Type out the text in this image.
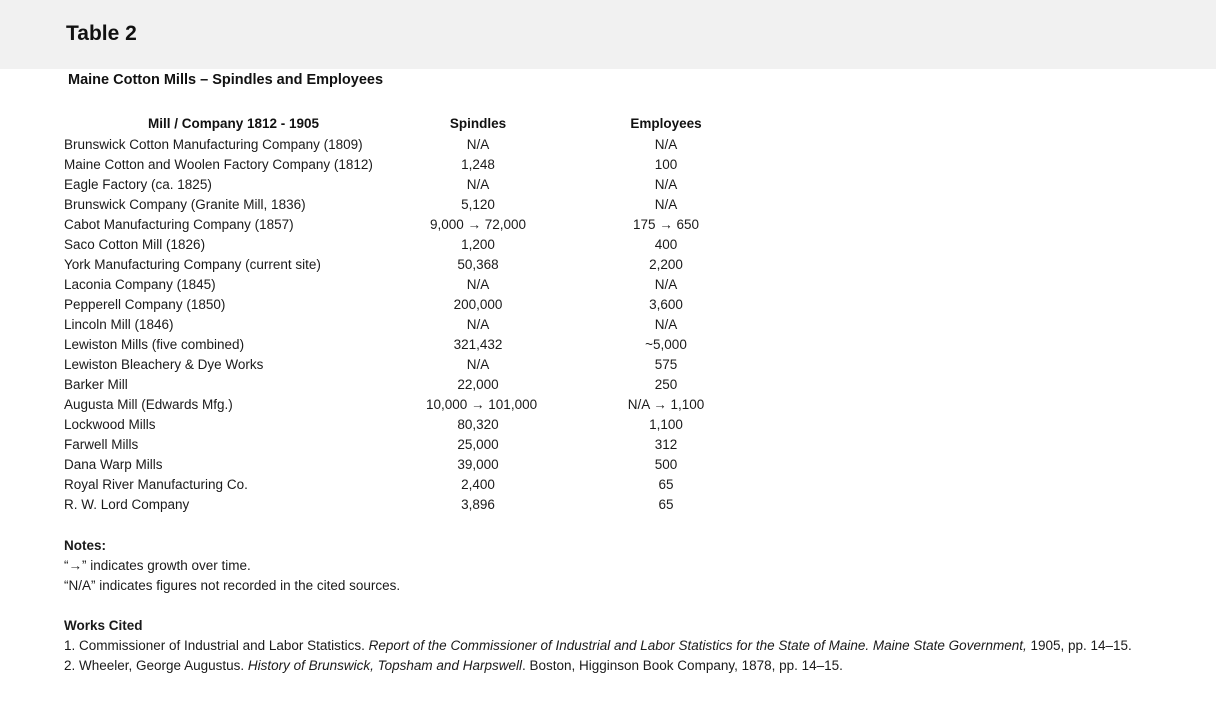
Table 2
Maine Cotton Mills – Spindles and Employees
Mill / Company 1812 - 1905	Spindles	Employees
Brunswick Cotton Manufacturing Company (1809)	N/A	N/A
Maine Cotton and Woolen Factory Company (1812)	1,248	100
Eagle Factory (ca. 1825)	N/A	N/A
Brunswick Company (Granite Mill, 1836)	5,120	N/A
Cabot Manufacturing Company (1857)	9,000 → 72,000	175 → 650
Saco Cotton Mill (1826)	1,200	400
York Manufacturing Company (current site)	50,368	2,200
Laconia Company (1845)	N/A	N/A
Pepperell Company (1850)	200,000	3,600
Lincoln Mill (1846)	N/A	N/A
Lewiston Mills (five combined)	321,432	~5,000
Lewiston Bleachery & Dye Works	N/A	575
Barker Mill	22,000	250
Augusta Mill (Edwards Mfg.)	10,000 → 101,000	N/A → 1,100
Lockwood Mills	80,320	1,100
Farwell Mills	25,000	312
Dana Warp Mills	39,000	500
Royal River Manufacturing Co.	2,400	65
R. W. Lord Company	3,896	65
Notes:
“→” indicates growth over time.
“N/A” indicates figures not recorded in the cited sources.
Works Cited
1. Commissioner of Industrial and Labor Statistics. Report of the Commissioner of Industrial and Labor Statistics for the State of Maine. Maine State Government, 1905, pp. 14–15.
2. Wheeler, George Augustus. History of Brunswick, Topsham and Harpswell. Boston, Higginson Book Company, 1878, pp. 14–15.
